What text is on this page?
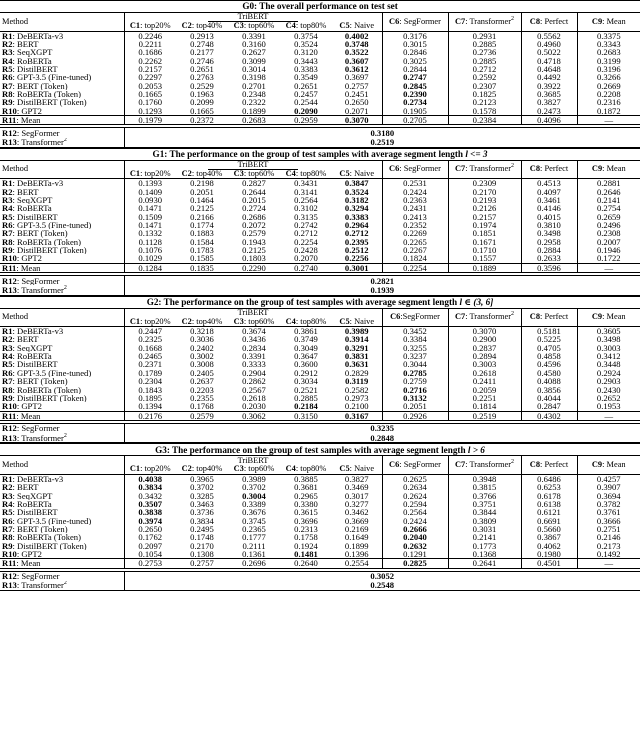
G0: The overall performance on test set									
Method	TriBERT					C6: SegFormer	C7: Transformer$^2$	C8: Perfect	C9: Mean
	C1: top20%	C2: top40%	C3: top60%	C4: top80%	C5: Naive				
R1: DeBERTa-v3	0.2246	0.2913	0.3391	0.3754	0.4002	0.3176	0.2931	0.5562	0.3375
R2: BERT	0.2211	0.2748	0.3160	0.3524	0.3748	0.3015	0.2885	0.4960	0.3343
R3: SeqXGPT	0.1686	0.2177	0.2627	0.3120	0.3522	0.2846	0.2736	0.5022	0.2683
R4: RoBERTa	0.2262	0.2746	0.3099	0.3443	0.3607	0.3025	0.2885	0.4718	0.3199
R5: DistilBERT	0.2157	0.2651	0.3014	0.3383	0.3612	0.2844	0.2712	0.4648	0.3196
R6: GPT-3.5 (Fine-tuned)	0.2297	0.2763	0.3198	0.3549	0.3697	0.2747	0.2592	0.4492	0.3266
R7: BERT (Token)	0.2053	0.2529	0.2701	0.2651	0.2757	0.2845	0.2307	0.3922	0.2669
R8: RoBERTa (Token)	0.1665	0.1963	0.2348	0.2457	0.2451	0.2390	0.1825	0.3685	0.2208
R9: DistilBERT (Token)	0.1760	0.2099	0.2322	0.2544	0.2650	0.2734	0.2123	0.3827	0.2316
R10: GPT2	0.1293	0.1665	0.1899	0.2090	0.2071	0.1905	0.1578	0.2473	0.1872
R11: Mean	0.1979	0.2372	0.2683	0.2959	0.3070	0.2705	0.2384	0.4096	—

R12: SegFormer	0.3180								
R13: Transformer$^2$	0.2519								
G1: The performance on the group of test samples with average segment length l <= 3									
Method	TriBERT					C6: SegFormer	C7: Transformer$^2$	C8: Perfect	C9: Mean
	C1: top20%	C2: top40%	C3: top60%	C4: top80%	C5: Naive				
R1: DeBERTa-v3	0.1393	0.2198	0.2827	0.3431	0.3847	0.2531	0.2309	0.4513	0.2881
R2: BERT	0.1409	0.2051	0.2644	0.3141	0.3524	0.2424	0.2170	0.4097	0.2646
R3: SeqXGPT	0.0930	0.1464	0.2015	0.2564	0.3182	0.2363	0.2193	0.3461	0.2141
R4: RoBERTa	0.1471	0.2125	0.2724	0.3102	0.3294	0.2431	0.2126	0.4146	0.2754
R5: DistilBERT	0.1509	0.2166	0.2686	0.3135	0.3383	0.2413	0.2157	0.4015	0.2659
R6: GPT-3.5 (Fine-tuned)	0.1471	0.1774	0.2072	0.2742	0.2964	0.2352	0.1974	0.3810	0.2496
R7: BERT (Token)	0.1332	0.1883	0.2579	0.2712	0.2712	0.2269	0.1851	0.3498	0.2308
R8: RoBERTa (Token)	0.1128	0.1584	0.1943	0.2254	0.2395	0.2265	0.1671	0.2958	0.2007
R9: DistilBERT (Token)	0.1076	0.1783	0.2125	0.2428	0.2512	0.2267	0.1710	0.2884	0.1946
R10: GPT2	0.1029	0.1585	0.1803	0.2070	0.2256	0.1824	0.1557	0.2633	0.1722
R11: Mean	0.1284	0.1835	0.2290	0.2740	0.3001	0.2254	0.1889	0.3596	—

R12: SegFormer	0.2821								
R13: Transformer$^2$	0.1939								
G2: The performance on the group of test samples with average segment length l ∈ (3, 6]									
Method	TriBERT					C6:SegFormer	C7: Transformer$^2$	C8: Perfect	C9: Mean
	C1: top20%	C2: top40%	C3: top60%	C4: top80%	C5: Naive				
R1: DeBERTa-v3	0.2447	0.3218	0.3674	0.3861	0.3989	0.3452	0.3070	0.5181	0.3605
R2: BERT	0.2325	0.3036	0.3436	0.3749	0.3914	0.3384	0.2900	0.5225	0.3498
R3: SeqXGPT	0.1668	0.2402	0.2834	0.3049	0.3291	0.3255	0.2837	0.4705	0.3003
R4: RoBERTa	0.2465	0.3002	0.3391	0.3647	0.3831	0.3237	0.2894	0.4858	0.3412
R5: DistilBERT	0.2371	0.3008	0.3333	0.3600	0.3631	0.3044	0.3003	0.4596	0.3448
R6: GPT-3.5 (Fine-tuned)	0.1789	0.2405	0.2904	0.2912	0.2829	0.2785	0.2618	0.4580	0.2924
R7: BERT (Token)	0.2304	0.2637	0.2862	0.3034	0.3119	0.2759	0.2411	0.4088	0.2903
R8: RoBERTa (Token)	0.1843	0.2203	0.2567	0.2521	0.2582	0.2716	0.2059	0.3856	0.2430
R9: DistilBERT (Token)	0.1895	0.2355	0.2618	0.2885	0.2973	0.3132	0.2251	0.4044	0.2652
R10: GPT2	0.1394	0.1768	0.2030	0.2184	0.2100	0.2051	0.1814	0.2847	0.1953
R11: Mean	0.2176	0.2579	0.3062	0.3150	0.3167	0.2926	0.2519	0.4302	—

R12: SegFormer	0.3235								
R13: Transformer$^2$	0.2848								
G3: The performance on the group of test samples with average segment length l > 6									
Method	TriBERT					C6: SegFormer	C7: Transformer$^2$	C8: Perfect	C9: Mean
	C1: top20%	C2: top40%	C3: top60%	C4: top80%	C5: Naive				
R1: DeBERTa-v3	0.4038	0.3965	0.3989	0.3885	0.3827	0.2625	0.3948	0.6486	0.4257
R2: BERT	0.3834	0.3702	0.3702	0.3681	0.3469	0.2634	0.3815	0.6253	0.3907
R3: SeqXGPT	0.3432	0.3285	0.3004	0.2965	0.3017	0.2624	0.3766	0.6178	0.3694
R4: RoBERTa	0.3507	0.3463	0.3389	0.3380	0.3277	0.2594	0.3751	0.6138	0.3782
R5: DistilBERT	0.3838	0.3736	0.3676	0.3615	0.3462	0.2564	0.3844	0.6121	0.3761
R6: GPT-3.5 (Fine-tuned)	0.3974	0.3834	0.3745	0.3696	0.3669	0.2424	0.3809	0.6691	0.3666
R7: BERT (Token)	0.2650	0.2495	0.2365	0.2313	0.2169	0.2666	0.3031	0.5660	0.2751
R8: RoBERTa (Token)	0.1762	0.1748	0.1777	0.1758	0.1649	0.2040	0.2141	0.3867	0.2146
R9: DistilBERT (Token)	0.2097	0.2170	0.2111	0.1924	0.1899	0.2632	0.1773	0.4062	0.2173
R10: GPT2	0.1054	0.1308	0.1361	0.1481	0.1396	0.1291	0.1368	0.1980	0.1492
R11: Mean	0.2753	0.2757	0.2696	0.2640	0.2554	0.2825	0.2641	0.4501	—

R12: SegFormer	0.3052								
R13: Transformer$^2$	0.2548								
